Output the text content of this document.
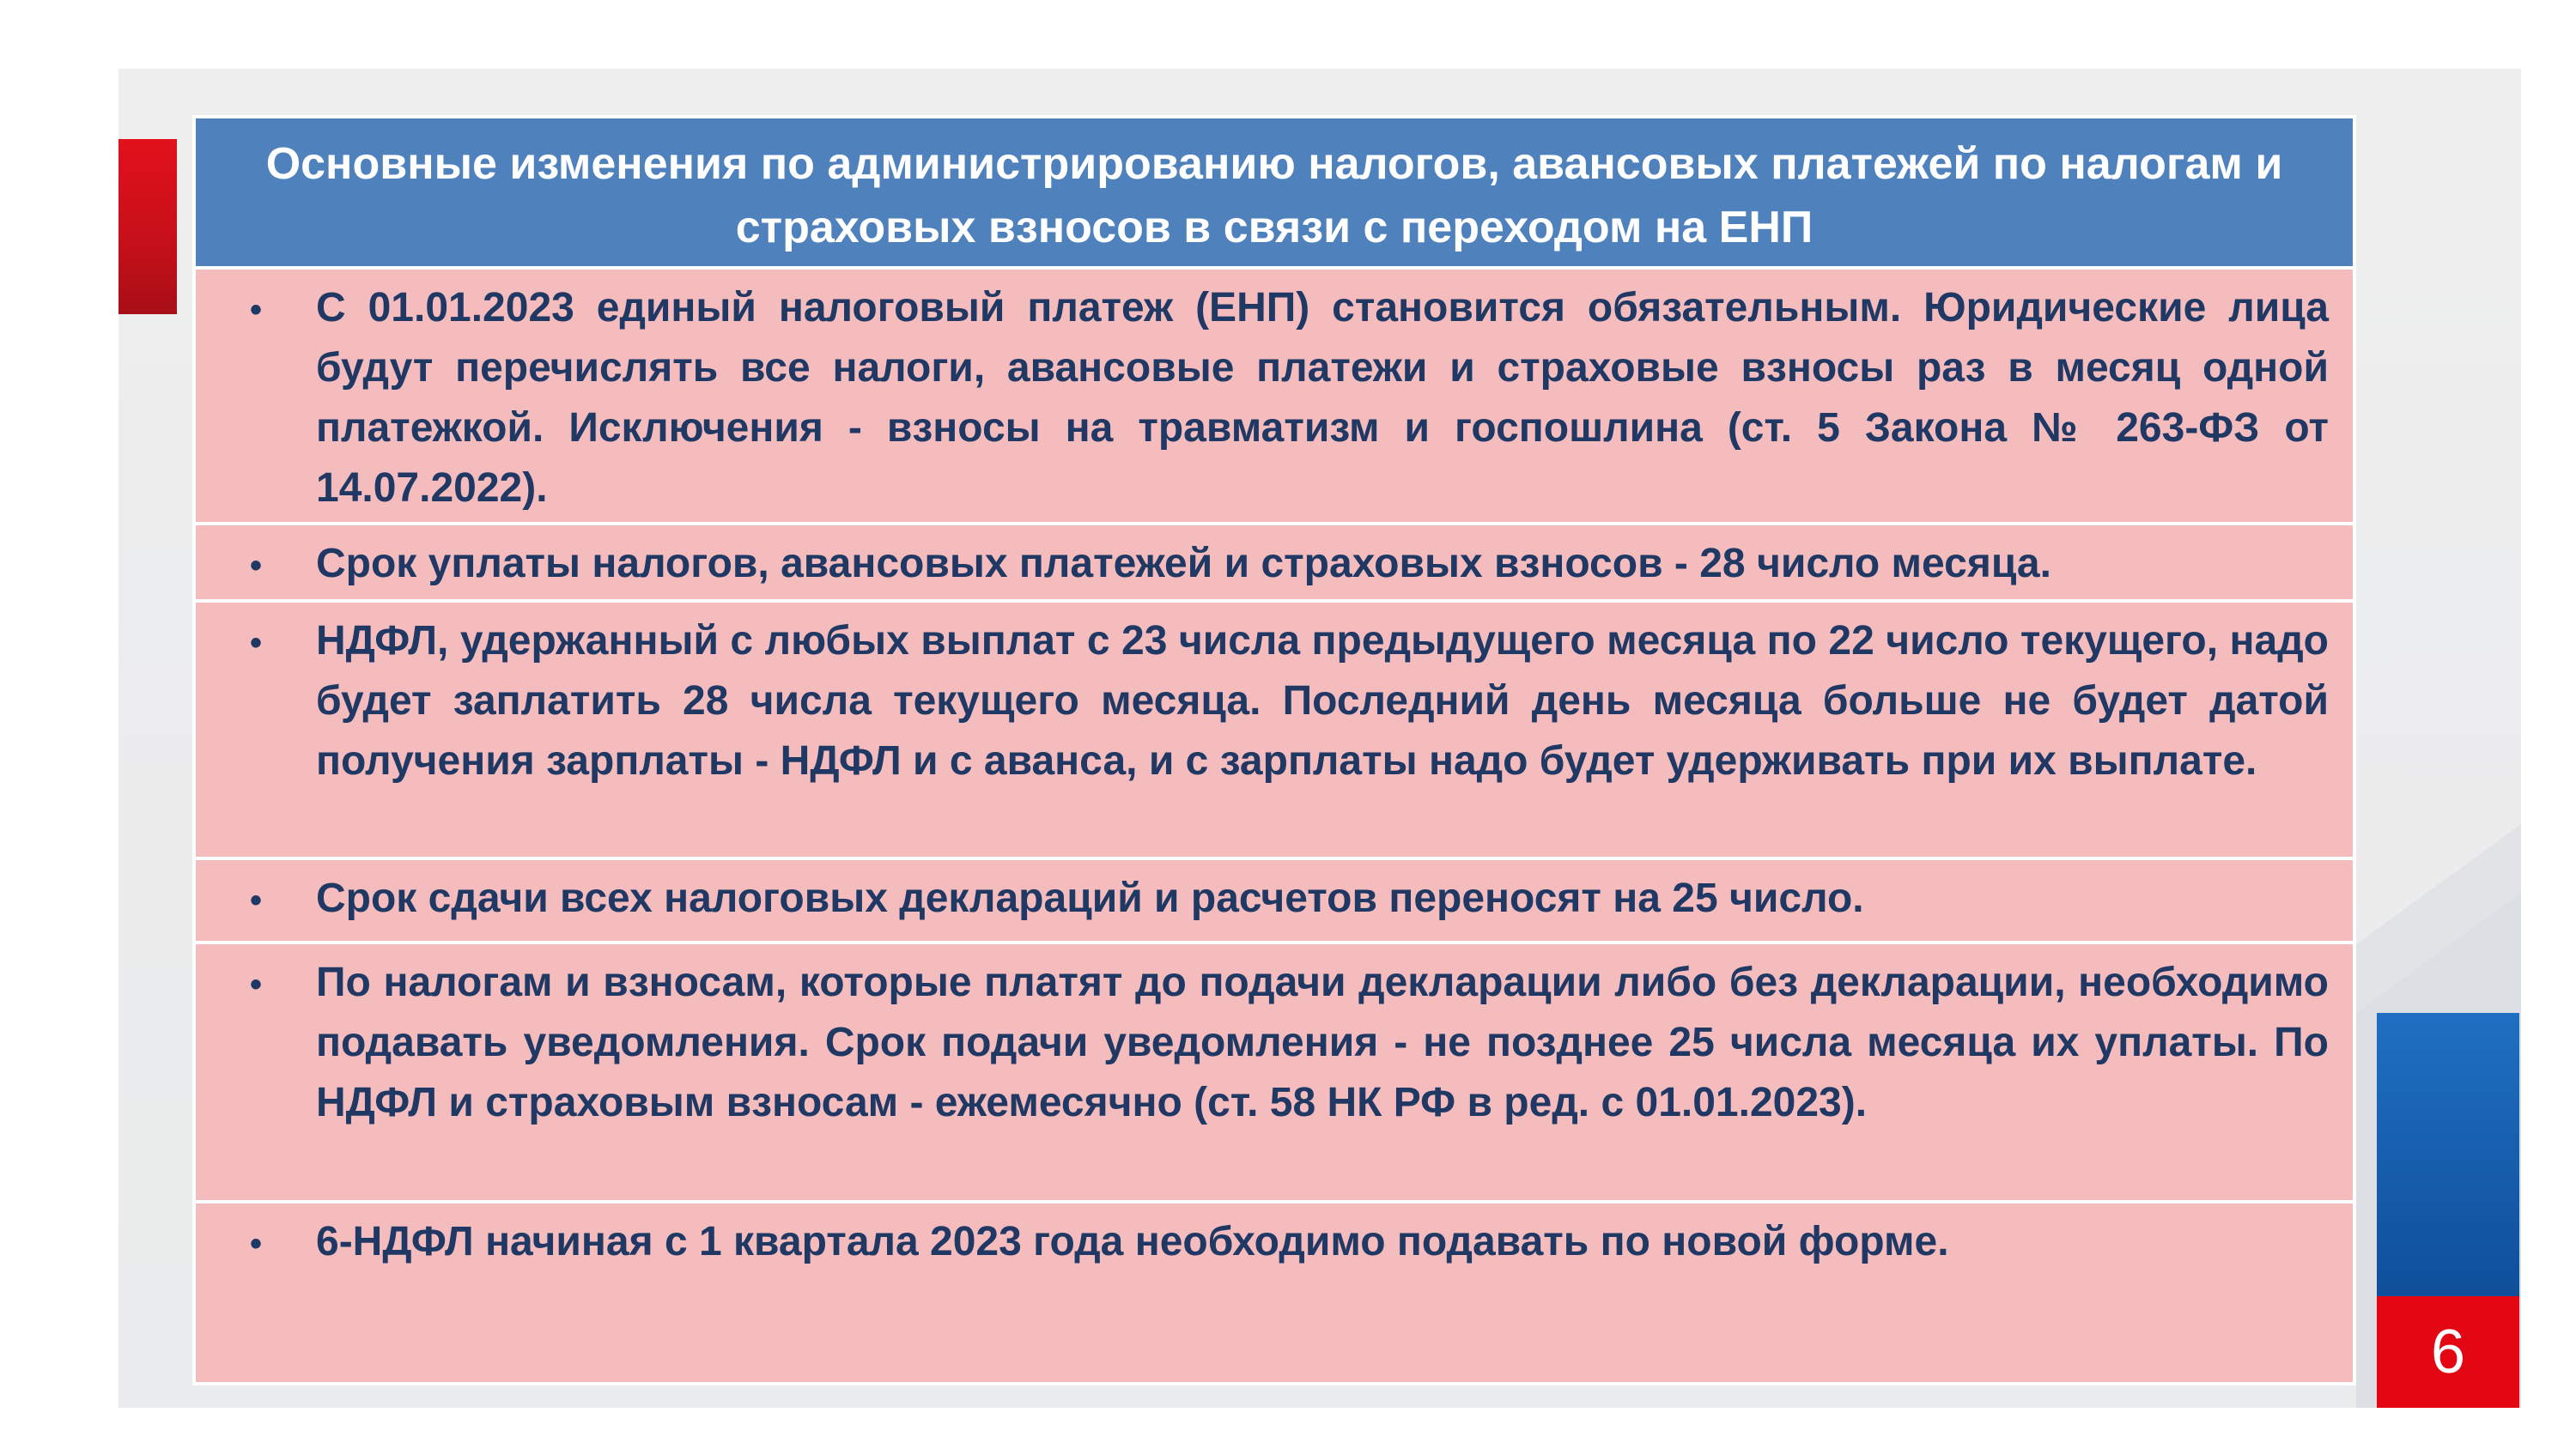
6
Основные изменения по администрированию налогов, авансовых платежей по налогам и страховых взносов в связи с переходом на ЕНП
•	С 01.01.2023 единый налоговый платеж (ЕНП) становится обязательным. Юридические лица будут перечислять все налоги, авансовые платежи и страховые взносы раз в месяц одной платежкой. Исключения - взносы на травматизм и госпошлина (ст. 5 Закона № 263-ФЗ от 14.07.2022).
•	Срок уплаты налогов, авансовых платежей и страховых взносов - 28 число месяца.
•	НДФЛ, удержанный с любых выплат с 23 числа предыдущего месяца по 22 число текущего, надо будет заплатить 28 числа текущего месяца. Последний день месяца больше не будет датой получения зарплаты - НДФЛ и с аванса, и с зарплаты надо будет удерживать при их выплате.
•	Срок сдачи всех налоговых деклараций и расчетов переносят на 25 число.
•	По налогам и взносам, которые платят до подачи декларации либо без декларации, необходимо подавать уведомления. Срок подачи уведомления - не позднее 25 числа месяца их уплаты. По НДФЛ и страховым взносам - ежемесячно (ст. 58 НК РФ в ред. с 01.01.2023).
•	6-НДФЛ начиная с 1 квартала 2023 года необходимо подавать по новой форме.
